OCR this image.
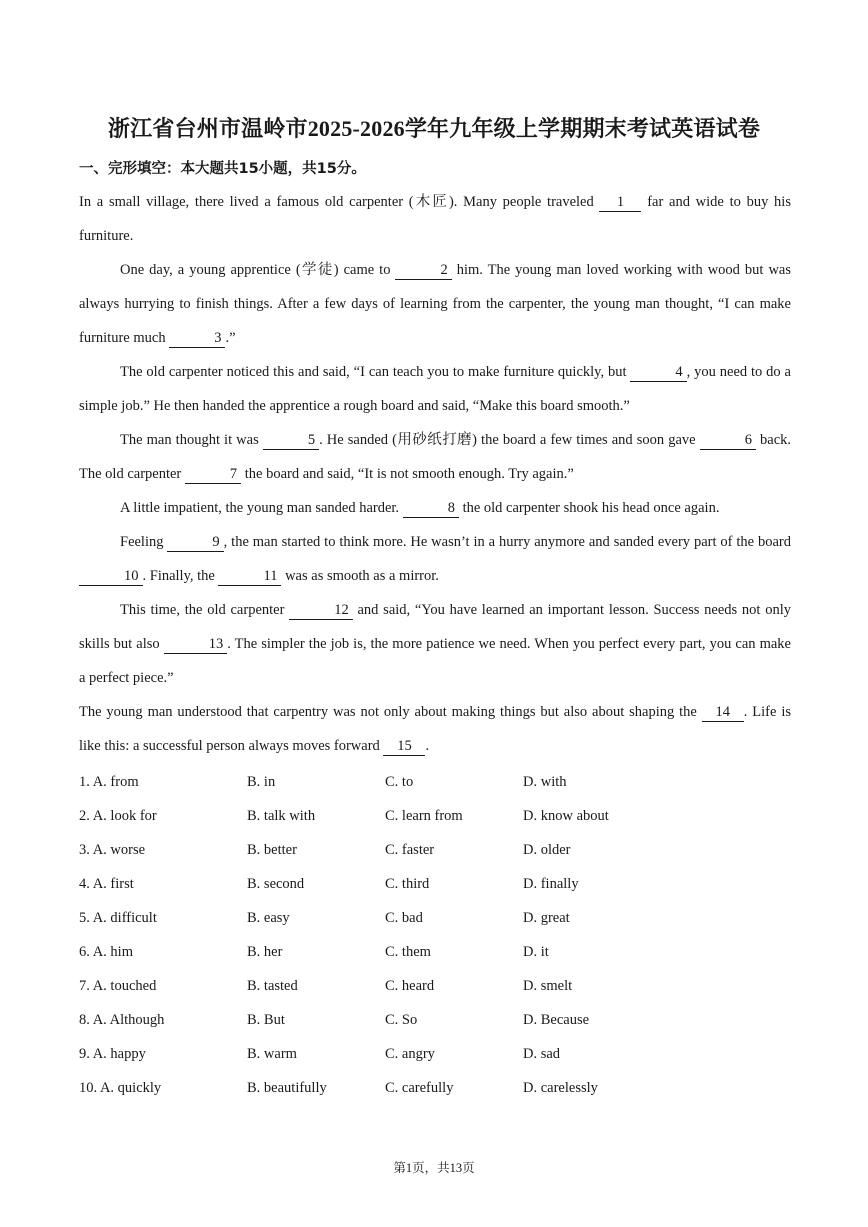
浙江省台州市温岭市2025-2026学年九年级上学期期末考试英语试卷
一、完形填空：本大题共15小题，共15分。

In a small village, there lived a famous old carpenter (木匠). Many people traveled 1 far and wide to buy his furniture.

One day, a young apprentice (学徒) came to	2 him. The young man loved working with wood but was always hurrying to finish things. After a few days of learning from the carpenter, the young man thought, “I can make furniture much	3 .”

The old carpenter noticed this and said, “I can teach you to make furniture quickly, but	4 , you need to do a simple job.” He then handed the apprentice a rough board and said, “Make this board smooth.”

The man thought it was	5 . He sanded (用砂纸打磨) the board a few times and soon gave	6 back. The old carpenter	7 the board and said, “It is not smooth enough. Try again.”

A little impatient, the young man sanded harder.	8 the old carpenter shook his head once again.

Feeling	9 , the man started to think more. He wasn’t in a hurry anymore and sanded every part of the board 10 . Finally, the	11 was as smooth as a mirror.

This time, the old carpenter	12 and said, “You have learned an important lesson. Success needs not only skills but also	13 . The simpler the job is, the more patience we need. When you perfect every part, you can make a perfect piece.”

The young man understood that carpentry was not only about making things but also about shaping the 14 . Life is like this: a successful person always moves forward 15 .

1. A. from	B. in	C. to	D. with
2. A. look for	B. talk with	C. learn from	D. know about
3. A. worse	B. better	C. faster	D. older
4. A. first	B. second	C. third	D. finally
5. A. difficult	B. easy	C. bad	D. great
6. A. him	B. her	C. them	D. it
7. A. touched	B. tasted	C. heard	D. smelt
8. A. Although	B. But	C. So	D. Because
9. A. happy	B. warm	C. angry	D. sad
10. A. quickly	B. beautifully	C. carefully	D. carelessly
第1页，共13页
